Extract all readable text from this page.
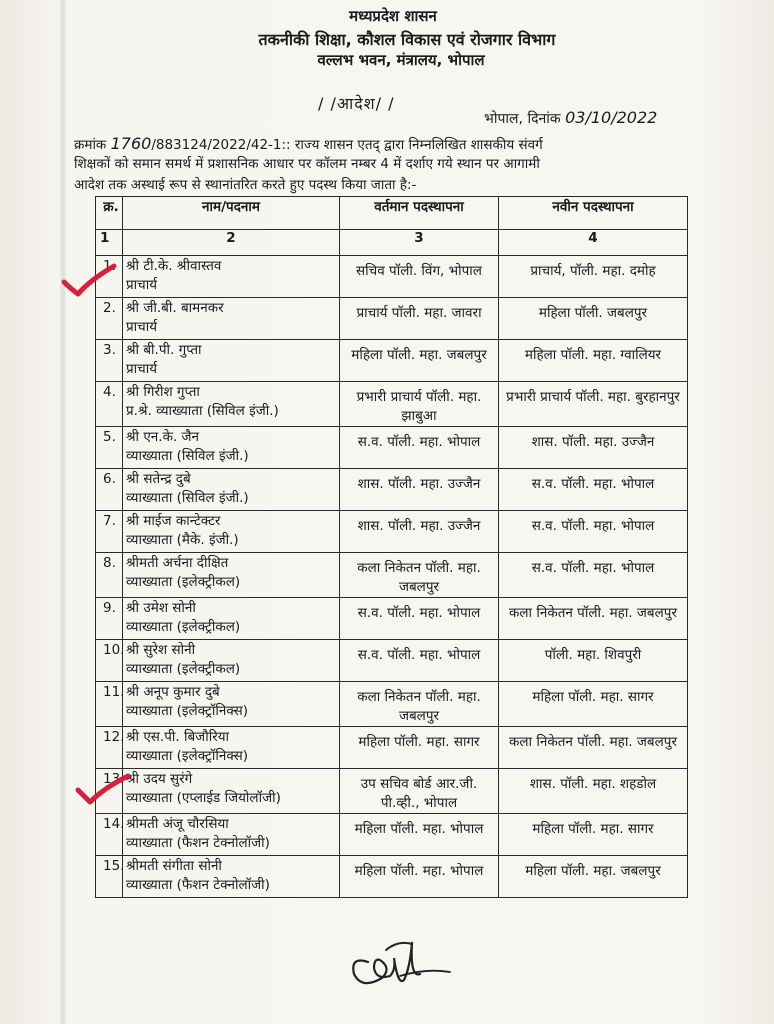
मध्यप्रदेश शासन
तकनीकी शिक्षा, कौशल विकास एवं रोजगार विभाग
वल्लभ भवन, मंत्रालय, भोपाल
/ /आदेश/ /
भोपाल, दिनांक 03/10/2022
क्रमांक 1760/883124/2022/42-1:: राज्य शासन एतद् द्वारा निम्नलिखित शासकीय संवर्ग
शिक्षकों को समान समर्थ में प्रशासनिक आधार पर कॉलम नम्बर 4 में दर्शाए गये स्थान पर आगामी
आदेश तक अस्थाई रूप से स्थानांतरित करते हुए पदस्थ किया जाता है:-
क्र.	नाम/पदनाम	वर्तमान पदस्थापना	नवीन पदस्थापना
1	2	3	4

1.	श्री टी.के. श्रीवास्तव
प्राचार्य	सचिव पॉली. विंग, भोपाल	प्राचार्य, पॉली. महा. दमोह

2.	श्री जी.बी. बामनकर
प्राचार्य	प्राचार्य पॉली. महा. जावरा	महिला पॉली. जबलपुर

3.	श्री बी.पी. गुप्ता
प्राचार्य	महिला पॉली. महा. जबलपुर	महिला पॉली. महा. ग्वालियर

4.	श्री गिरीश गुप्ता
प्र.श्रे. व्याख्याता (सिविल इंजी.)	प्रभारी प्राचार्य पॉली. महा. झाबुआ	प्रभारी प्राचार्य पॉली. महा. बुरहानपुर

5.	श्री एन.के. जैन
व्याख्याता (सिविल इंजी.)	स.व. पॉली. महा. भोपाल	शास. पॉली. महा. उज्जैन

6.	श्री सतेन्द्र दुबे
व्याख्याता (सिविल इंजी.)	शास. पॉली. महा. उज्जैन	स.व. पॉली. महा. भोपाल

7.	श्री माईज कान्टेक्टर
व्याख्याता (मैके. इंजी.)	शास. पॉली. महा. उज्जैन	स.व. पॉली. महा. भोपाल

8.	श्रीमती अर्चना दीक्षित
व्याख्याता (इलेक्ट्रीकल)	कला निकेतन पॉली. महा. जबलपुर	स.व. पॉली. महा. भोपाल

9.	श्री उमेश सोनी
व्याख्याता (इलेक्ट्रीकल)	स.व. पॉली. महा. भोपाल	कला निकेतन पॉली. महा. जबलपुर

10.	श्री सुरेश सोनी
व्याख्याता (इलेक्ट्रीकल)	स.व. पॉली. महा. भोपाल	पॉली. महा. शिवपुरी

11.	श्री अनूप कुमार दुबे
व्याख्याता (इलेक्ट्रॉनिक्स)	कला निकेतन पॉली. महा. जबलपुर	महिला पॉली. महा. सागर

12.	श्री एस.पी. बिजौरिया
व्याख्याता (इलेक्ट्रॉनिक्स)	महिला पॉली. महा. सागर	कला निकेतन पॉली. महा. जबलपुर

13.	श्री उदय सुरंगे
व्याख्याता (एप्लाईड जियोलॉजी)	उप सचिव बोर्ड आर.जी. पी.व्ही., भोपाल	शास. पॉली. महा. शहडोल

14.	श्रीमती अंजू चौरसिया
व्याख्याता (फैशन टेक्नोलॉजी)	महिला पॉली. महा. भोपाल	महिला पॉली. महा. सागर

15.	श्रीमती संगीता सोनी
व्याख्याता (फैशन टेक्नोलॉजी)	महिला पॉली. महा. भोपाल	महिला पॉली. महा. जबलपुर
